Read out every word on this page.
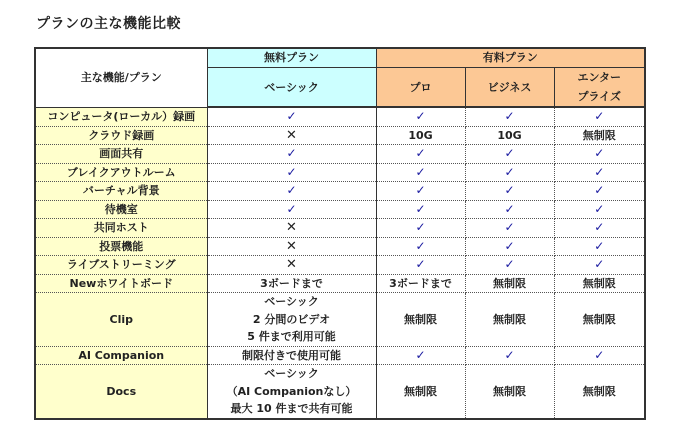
プランの主な機能比較
主な機能/プラン	無料プラン	有料プラン		
	ベーシック	プロ	ビジネス	エンター
プライズ
コンピュータ(ローカル）録画	✓	✓	✓	✓
クラウド録画	✕	10G	10G	無制限
画面共有	✓	✓	✓	✓
ブレイクアウトルーム	✓	✓	✓	✓
バーチャル背景	✓	✓	✓	✓
待機室	✓	✓	✓	✓
共同ホスト	✕	✓	✓	✓
投票機能	✕	✓	✓	✓
ライブストリーミング	✕	✓	✓	✓
Newホワイトボード	3ボードまで	3ボードまで	無制限	無制限
Clip	ベーシック
2 分間のビデオ
5 件まで利用可能	無制限	無制限	無制限
AI Companion	制限付きで使用可能	✓	✓	✓
Docs	ベーシック
（AI Companionなし）
最大 10 件まで共有可能	無制限	無制限	無制限
